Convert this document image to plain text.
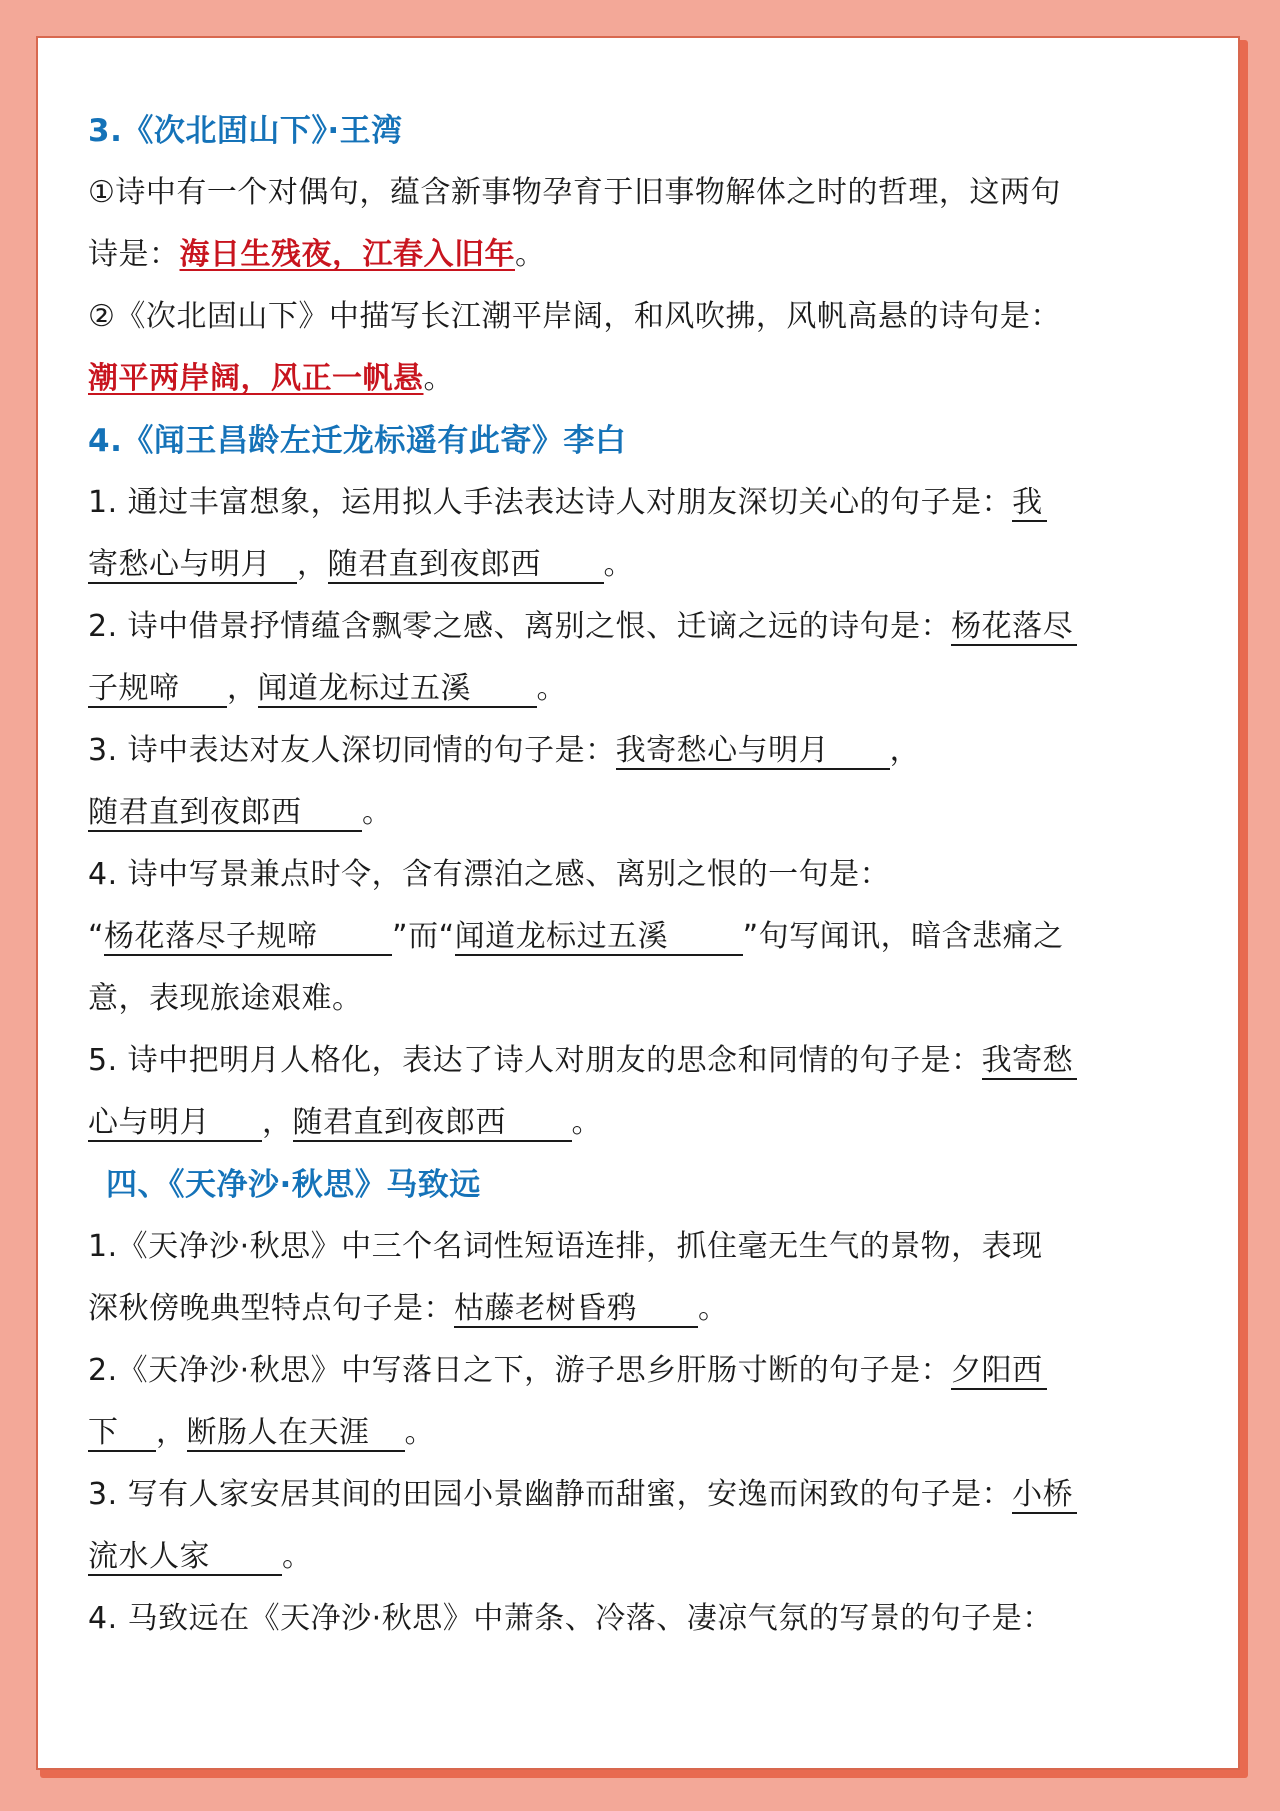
3.《次北固山下》·王湾
①诗中有一个对偶句，蕴含新事物孕育于旧事物解体之时的哲理，这两句
诗是：海日生残夜，江春入旧年。
②《次北固山下》中描写长江潮平岸阔，和风吹拂，风帆高悬的诗句是：
潮平两岸阔，风正一帆悬。
4.《闻王昌龄左迁龙标遥有此寄》李白
1. 通过丰富想象，运用拟人手法表达诗人对朋友深切关心的句子是：我
寄愁心与明月 ，随君直到夜郎西 。
2. 诗中借景抒情蕴含飘零之感、离别之恨、迁谪之远的诗句是：杨花落尽
子规啼 ，闻道龙标过五溪 。
3. 诗中表达对友人深切同情的句子是：我寄愁心与明月 ，
随君直到夜郎西 。
4. 诗中写景兼点时令，含有漂泊之感、离别之恨的一句是：
“杨花落尽子规啼 ”而“闻道龙标过五溪 ”句写闻讯，暗含悲痛之
意，表现旅途艰难。
5. 诗中把明月人格化，表达了诗人对朋友的思念和同情的句子是：我寄愁
心与明月 ，随君直到夜郎西 。
四、《天净沙·秋思》马致远
1.《天净沙·秋思》中三个名词性短语连排，抓住毫无生气的景物，表现
深秋傍晚典型特点句子是：枯藤老树昏鸦 。
2.《天净沙·秋思》中写落日之下，游子思乡肝肠寸断的句子是：夕阳西
下 ，断肠人在天涯 。
3. 写有人家安居其间的田园小景幽静而甜蜜，安逸而闲致的句子是：小桥
流水人家 。
4. 马致远在《天净沙·秋思》中萧条、冷落、凄凉气氛的写景的句子是：
